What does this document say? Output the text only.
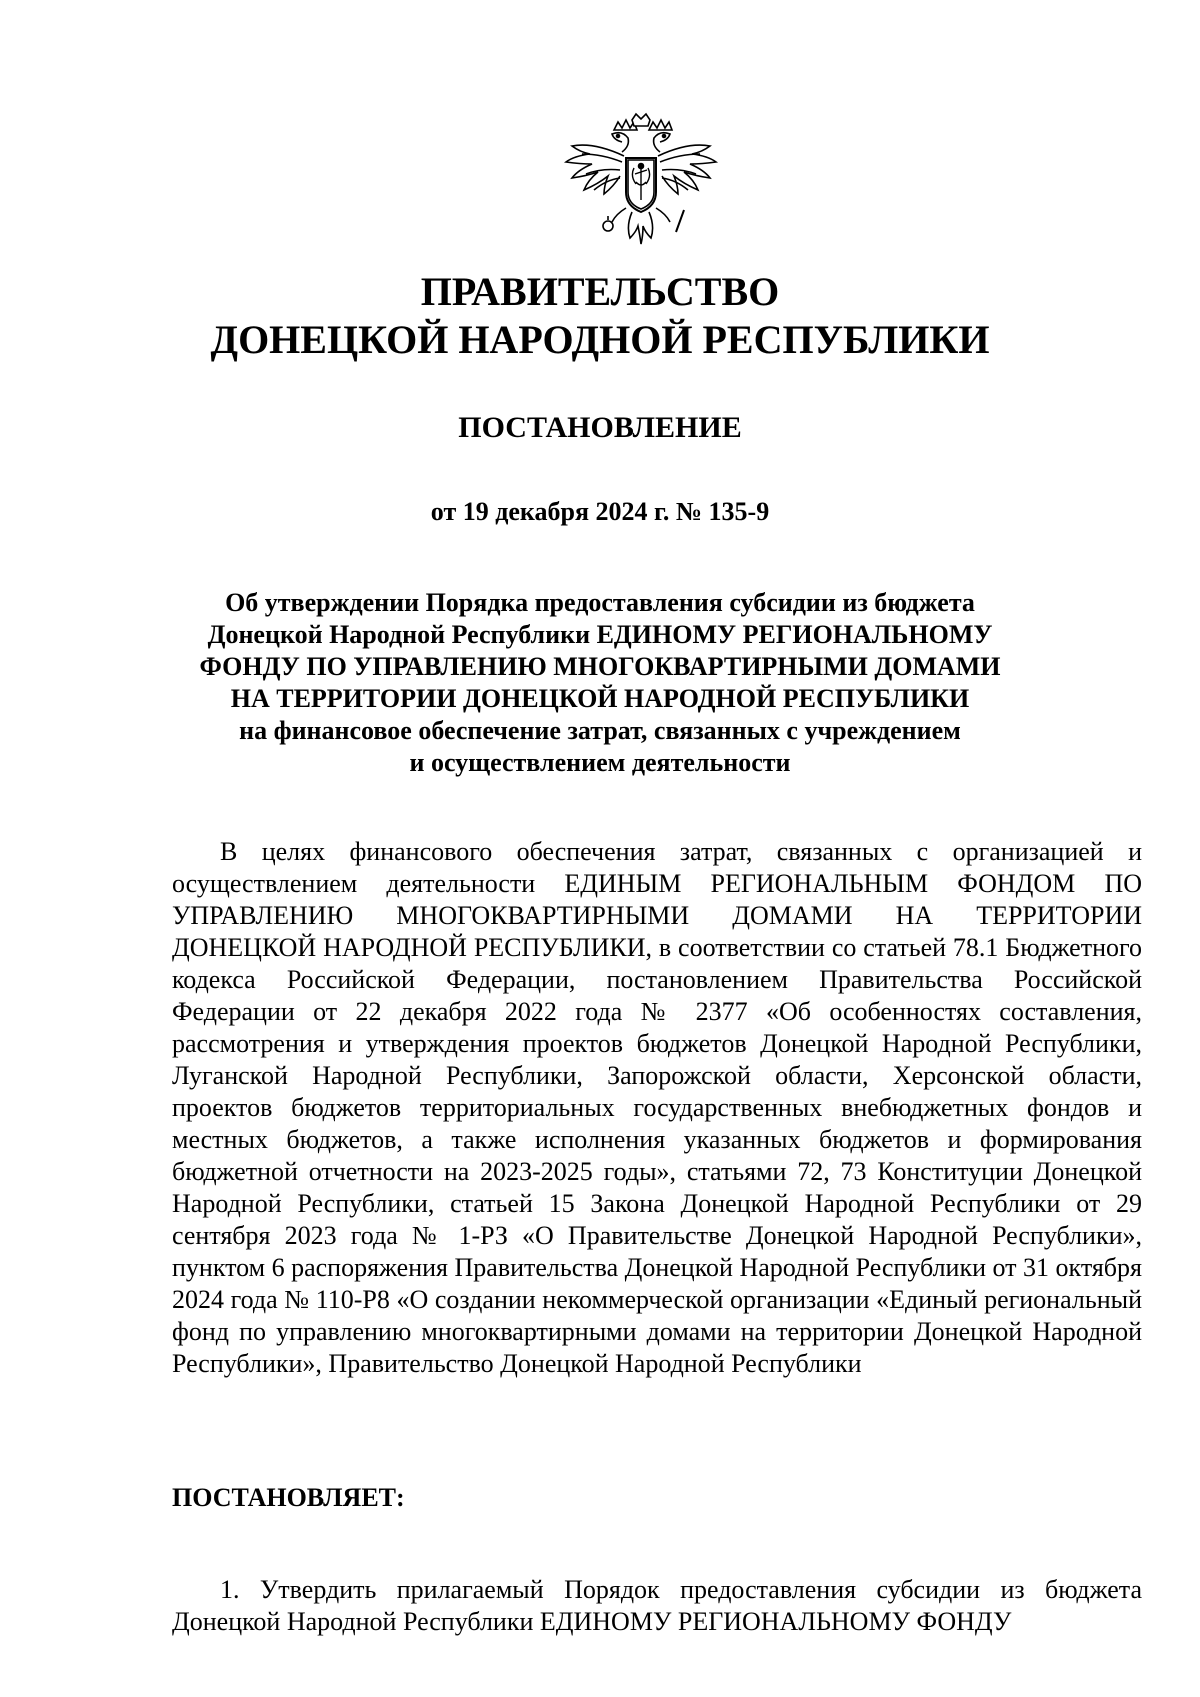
ПРАВИТЕЛЬСТВО
ДОНЕЦКОЙ НАРОДНОЙ РЕСПУБЛИКИ
ПОСТАНОВЛЕНИЕ
от 19 декабря 2024 г. № 135-9
Об утверждении Порядка предоставления субсидии из бюджета
Донецкой Народной Республики ЕДИНОМУ РЕГИОНАЛЬНОМУ
ФОНДУ ПО УПРАВЛЕНИЮ МНОГОКВАРТИРНЫМИ ДОМАМИ
НА ТЕРРИТОРИИ ДОНЕЦКОЙ НАРОДНОЙ РЕСПУБЛИКИ
на финансовое обеспечение затрат, связанных с учреждением
и осуществлением деятельности

В целях финансового обеспечения затрат, связанных с организацией и осуществлением деятельности ЕДИНЫМ РЕГИОНАЛЬНЫМ ФОНДОМ ПО УПРАВЛЕНИЮ МНОГОКВАРТИРНЫМИ ДОМАМИ НА ТЕРРИТОРИИ ДОНЕЦКОЙ НАРОДНОЙ РЕСПУБЛИКИ, в соответствии со статьей 78.1 Бюджетного кодекса Российской Федерации, постановлением Правительства Российской Федерации от 22 декабря 2022 года № 2377 «Об особенностях составления, рассмотрения и утверждения проектов бюджетов Донецкой Народной Республики, Луганской Народной Республики, Запорожской области, Херсонской области, проектов бюджетов территориальных государственных внебюджетных фондов и местных бюджетов, а также исполнения указанных бюджетов и формирования бюджетной отчетности на 2023-2025 годы», статьями 72, 73 Конституции Донецкой Народной Республики, статьей 15 Закона Донецкой Народной Республики от 29 сентября 2023 года № 1-РЗ «О Правительстве Донецкой Народной Республики», пунктом 6 распоряжения Правительства Донецкой Народной Республики от 31 октября 2024 года № 110-Р8 «О создании некоммерческой организации «Единый региональный фонд по управлению многоквартирными домами на территории Донецкой Народной Республики», Правительство Донецкой Народной Республики

ПОСТАНОВЛЯЕТ:

1. Утвердить прилагаемый Порядок предоставления субсидии из бюджета Донецкой Народной Республики ЕДИНОМУ РЕГИОНАЛЬНОМУ ФОНДУ
